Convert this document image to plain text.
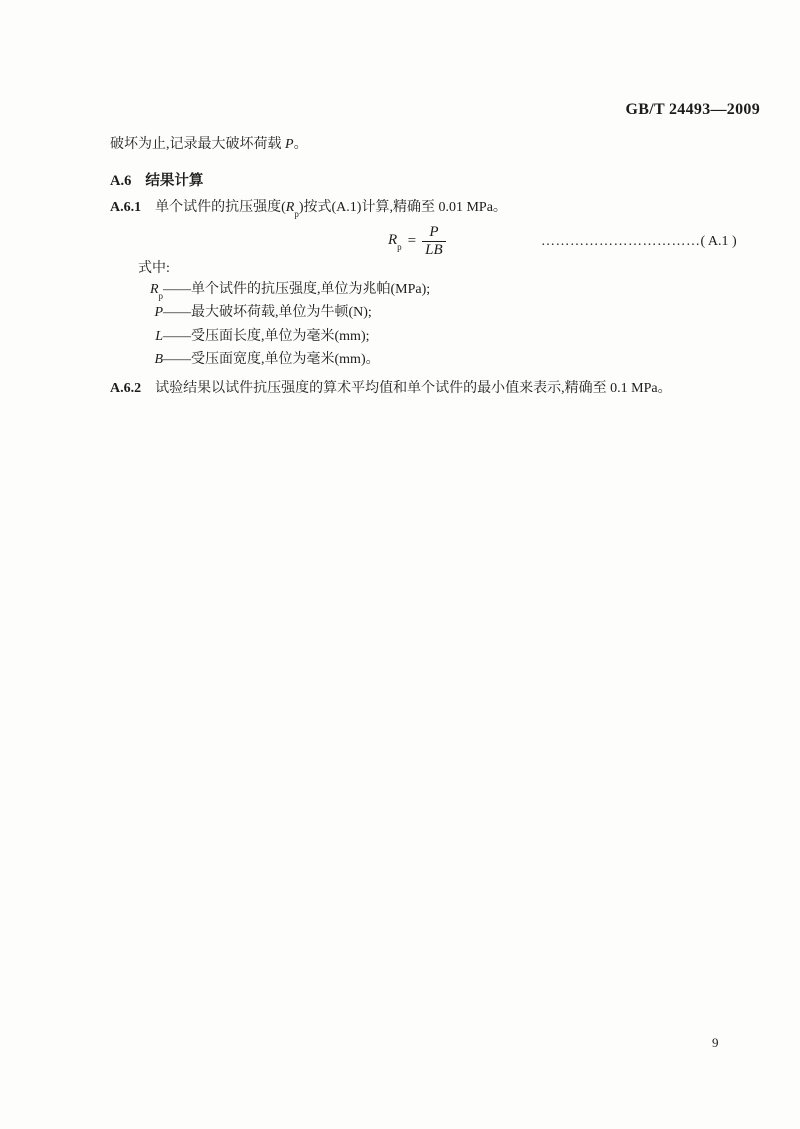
GB/T 24493—2009
破坏为止,记录最大破坏荷载 P。
A.6 结果计算
A.6.1 单个试件的抗压强度$(R_p)$按式(A.1)计算,精确至 0.01 MPa。
$R_p = \frac{P}{LB}$	……………………………( A.1 )
式中:
$R_p$ —— 单个试件的抗压强度,单位为兆帕(MPa);
P —— 最大破坏荷载,单位为牛顿(N);
L —— 受压面长度,单位为毫米(mm);
B —— 受压面宽度,单位为毫米(mm)。
A.6.2 试验结果以试件抗压强度的算术平均值和单个试件的最小值来表示,精确至 0.1 MPa。
9
